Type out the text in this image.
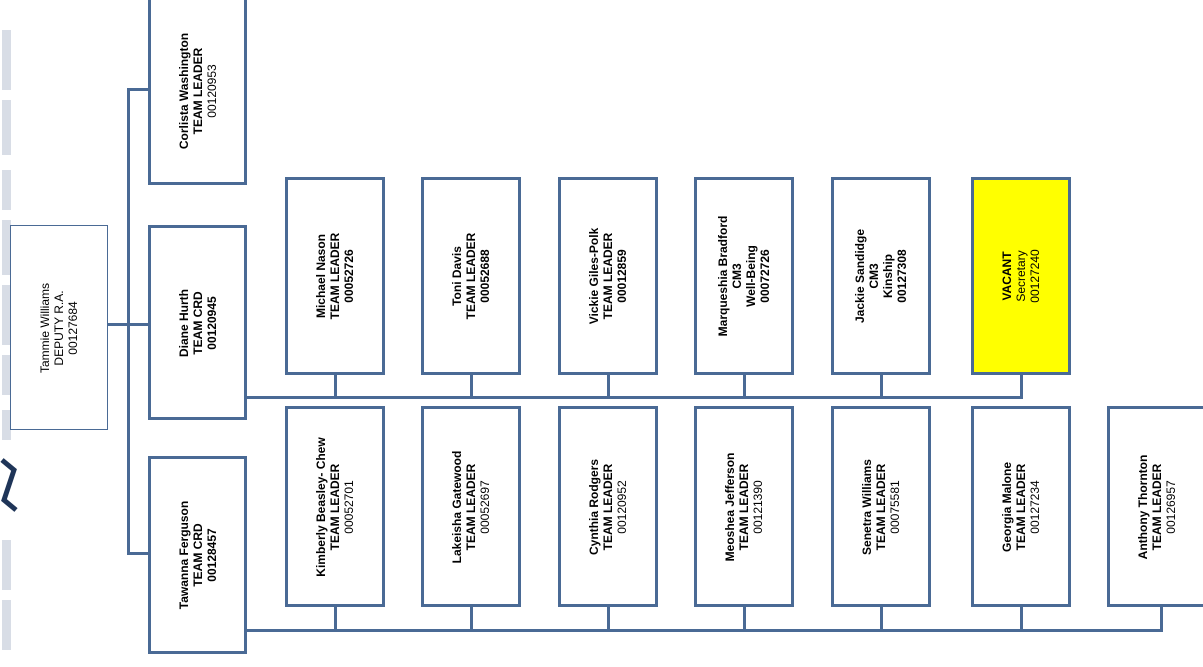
Tammie Williams DEPUTY R.A. 00127684
Corlista Washington TEAM LEADER 00120953
Diane Hurth TEAM CRD 00120945
Tawanna Ferguson TEAM CRD 00128457
Michael Nason TEAM LEADER 00052726	Toni Davis TEAM LEADER 00052688	Vickie Giles-Polk TEAM LEADER 00012859	Marqueshia Bradford CM3 Well-Being 00072726	Jackie Sandidge CM3 Kinship 00127308	VACANT Secretary 00127240
Kimberly Beasley- Chew TEAM LEADER 00052701	Lakeisha Gatewood TEAM LEADER 00052697	Cynthia Rodgers TEAM LEADER 00120952	Meoshea Jefferson TEAM LEADER 00121390	Senetra Williams TEAM LEADER 00075581	Georgia Malone TEAM LEADER 00127234	Anthony Thornton TEAM LEADER 00126957
